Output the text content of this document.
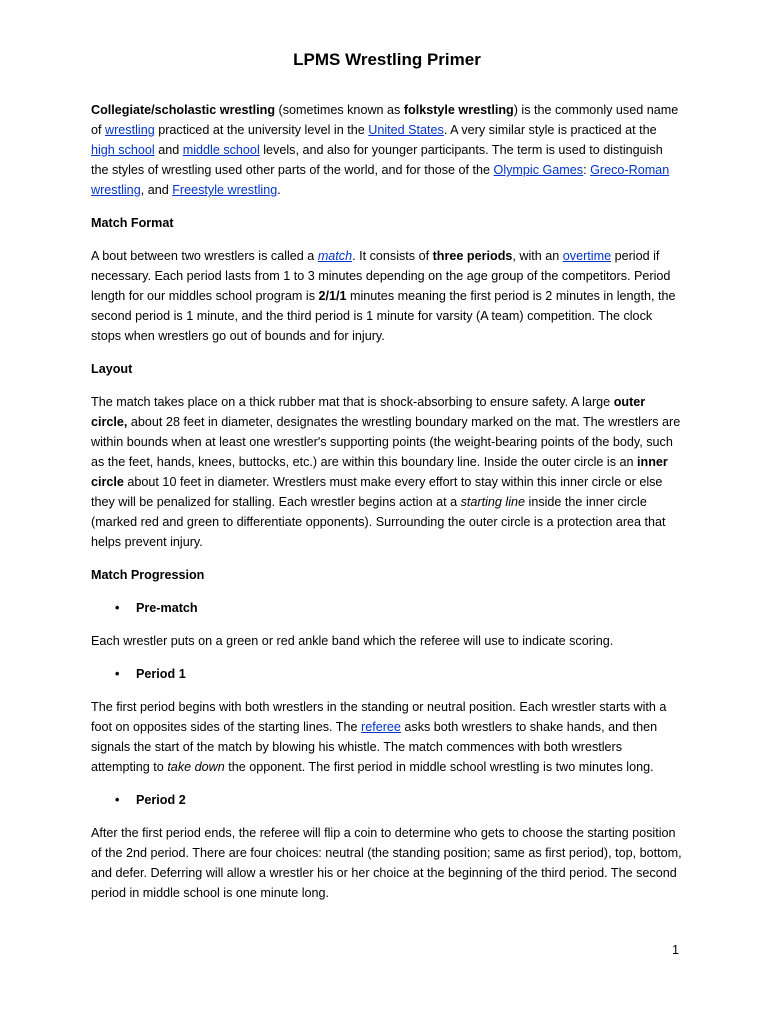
LPMS Wrestling Primer

Collegiate/scholastic wrestling (sometimes known as folkstyle wrestling) is the commonly used name of wrestling practiced at the university level in the United States. A very similar style is practiced at the high school and middle school levels, and also for younger participants. The term is used to distinguish the styles of wrestling used other parts of the world, and for those of the Olympic Games: Greco-Roman wrestling, and Freestyle wrestling.

Match Format

A bout between two wrestlers is called a match. It consists of three periods, with an overtime period if necessary. Each period lasts from 1 to 3 minutes depending on the age group of the competitors. Period length for our middles school program is 2/1/1 minutes meaning the first period is 2 minutes in length, the second period is 1 minute, and the third period is 1 minute for varsity (A team) competition. The clock stops when wrestlers go out of bounds and for injury.

Layout

The match takes place on a thick rubber mat that is shock-absorbing to ensure safety. A large outer circle, about 28 feet in diameter, designates the wrestling boundary marked on the mat. The wrestlers are within bounds when at least one wrestler's supporting points (the weight-bearing points of the body, such as the feet, hands, knees, buttocks, etc.) are within this boundary line. Inside the outer circle is an inner circle about 10 feet in diameter. Wrestlers must make every effort to stay within this inner circle or else they will be penalized for stalling. Each wrestler begins action at a starting line inside the inner circle (marked red and green to differentiate opponents). Surrounding the outer circle is a protection area that helps prevent injury.

Match Progression

• Pre-match

Each wrestler puts on a green or red ankle band which the referee will use to indicate scoring.

• Period 1

The first period begins with both wrestlers in the standing or neutral position. Each wrestler starts with a foot on opposites sides of the starting lines. The referee asks both wrestlers to shake hands, and then signals the start of the match by blowing his whistle. The match commences with both wrestlers attempting to take down the opponent. The first period in middle school wrestling is two minutes long.

• Period 2

After the first period ends, the referee will flip a coin to determine who gets to choose the starting position of the 2nd period. There are four choices: neutral (the standing position; same as first period), top, bottom, and defer. Deferring will allow a wrestler his or her choice at the beginning of the third period. The second period in middle school is one minute long.

1
